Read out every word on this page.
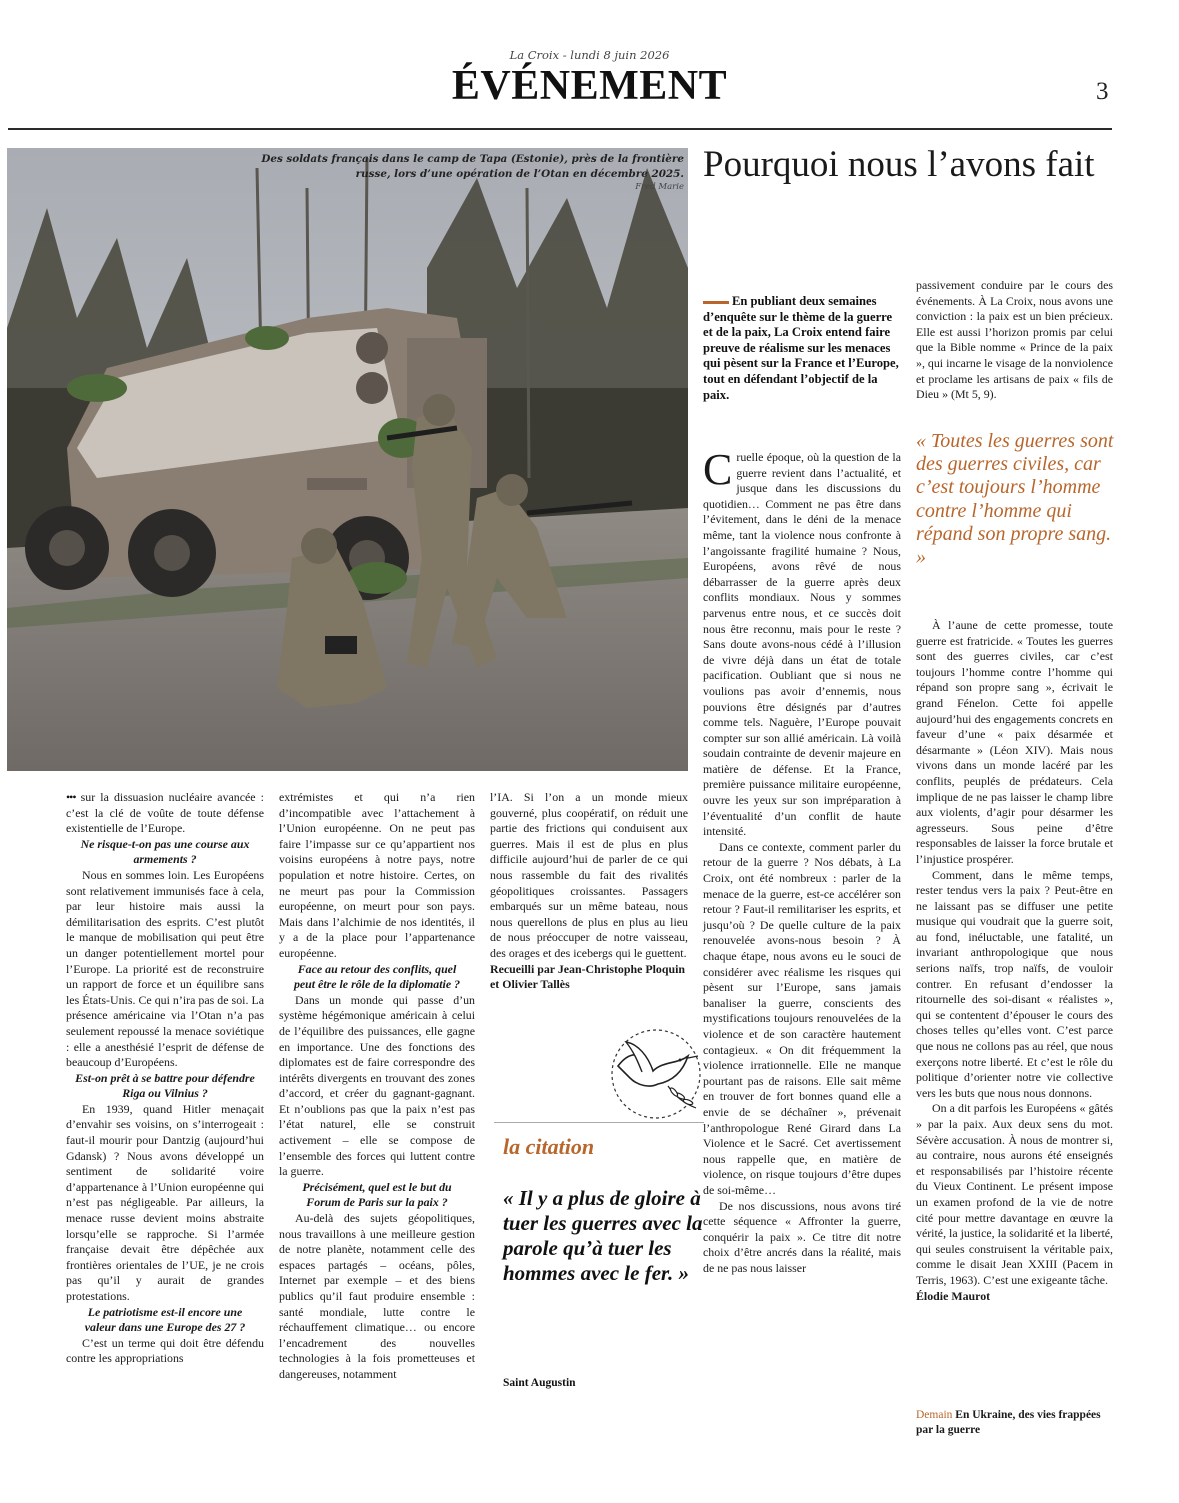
La Croix - lundi 8 juin 2026
ÉVÉNEMENT	3
Des soldats français dans le camp de Tapa (Estonie), près de la frontière russe, lors d’une opération de l’Otan en décembre 2025.
Fred Marie
Pourquoi nous l’avons fait
En publiant deux semaines d’enquête sur le thème de la guerre et de la paix, La Croix entend faire preuve de réalisme sur les menaces qui pèsent sur la France et l’Europe, tout en défendant l’objectif de la paix.

••• sur la dissuasion nucléaire avancée : c’est la clé de voûte de toute défense existentielle de l’Europe.

Ne risque-t-on pas une course aux armements ?

Nous en sommes loin. Les Européens sont relativement immunisés face à cela, par leur histoire mais aussi la démilitarisation des esprits. C’est plutôt le manque de mobilisation qui peut être un danger potentiellement mortel pour l’Europe. La priorité est de reconstruire un rapport de force et un équilibre sans les États-Unis. Ce qui n’ira pas de soi. La présence américaine via l’Otan n’a pas seulement repoussé la menace soviétique : elle a anesthésié l’esprit de défense de beaucoup d’Européens.

Est-on prêt à se battre pour défendre Riga ou Vilnius ?

En 1939, quand Hitler menaçait d’envahir ses voisins, on s’interrogeait : faut-il mourir pour Dantzig (aujourd’hui Gdansk) ? Nous avons développé un sentiment de solidarité voire d’appartenance à l’Union européenne qui n’est pas négligeable. Par ailleurs, la menace russe devient moins abstraite lorsqu’elle se rapproche. Si l’armée française devait être dépêchée aux frontières orientales de l’UE, je ne crois pas qu’il y aurait de grandes protestations.

Le patriotisme est-il encore une valeur dans une Europe des 27 ?

C’est un terme qui doit être défendu contre les appropriations

extrémistes et qui n’a rien d’incompatible avec l’attachement à l’Union européenne. On ne peut pas faire l’impasse sur ce qu’appartient nos voisins européens à notre pays, notre population et notre histoire. Certes, on ne meurt pas pour la Commission européenne, on meurt pour son pays. Mais dans l’alchimie de nos identités, il y a de la place pour l’appartenance européenne.

Face au retour des conflits, quel peut être le rôle de la diplomatie ?

Dans un monde qui passe d’un système hégémonique américain à celui de l’équilibre des puissances, elle gagne en importance. Une des fonctions des diplomates est de faire correspondre des intérêts divergents en trouvant des zones d’accord, et créer du gagnant-gagnant. Et n’oublions pas que la paix n’est pas l’état naturel, elle se construit activement – elle se compose de l’ensemble des forces qui luttent contre la guerre.

Précisément, quel est le but du Forum de Paris sur la paix ?

Au-delà des sujets géopolitiques, nous travaillons à une meilleure gestion de notre planète, notamment celle des espaces partagés – océans, pôles, Internet par exemple – et des biens publics qu’il faut produire ensemble : santé mondiale, lutte contre le réchauffement climatique… ou encore l’encadrement des nouvelles technologies à la fois prometteuses et dangereuses, notamment

l’IA. Si l’on a un monde mieux gouverné, plus coopératif, on réduit une partie des frictions qui conduisent aux guerres. Mais il est de plus en plus difficile aujourd’hui de parler de ce qui nous rassemble du fait des rivalités géopolitiques croissantes. Passagers embarqués sur un même bateau, nous nous querellons de plus en plus au lieu de nous préoccuper de notre vaisseau, des orages et des icebergs qui le guettent.

Recueilli par Jean-Christophe Ploquin et Olivier Tallès

la citation
« Il y a plus de gloire à tuer les guerres avec la parole qu’à tuer les hommes avec le fer. »
Saint Augustin

Cruelle époque, où la question de la guerre revient dans l’actualité, et jusque dans les discussions du quotidien… Comment ne pas être dans l’évitement, dans le déni de la menace même, tant la violence nous confronte à l’angoissante fragilité humaine ? Nous, Européens, avons rêvé de nous débarrasser de la guerre après deux conflits mondiaux. Nous y sommes parvenus entre nous, et ce succès doit nous être reconnu, mais pour le reste ? Sans doute avons-nous cédé à l’illusion de vivre déjà dans un état de totale pacification. Oubliant que si nous ne voulions pas avoir d’ennemis, nous pouvions être désignés par d’autres comme tels. Naguère, l’Europe pouvait compter sur son allié américain. Là voilà soudain contrainte de devenir majeure en matière de défense. Et la France, première puissance militaire européenne, ouvre les yeux sur son impréparation à l’éventualité d’un conflit de haute intensité.

Dans ce contexte, comment parler du retour de la guerre ? Nos débats, à La Croix, ont été nombreux : parler de la menace de la guerre, est-ce accélérer son retour ? Faut-il remilitariser les esprits, et jusqu’où ? De quelle culture de la paix renouvelée avons-nous besoin ? À chaque étape, nous avons eu le souci de considérer avec réalisme les risques qui pèsent sur l’Europe, sans jamais banaliser la guerre, conscients des mystifications toujours renouvelées de la violence et de son caractère hautement contagieux. « On dit fréquemment la violence irrationnelle. Elle ne manque pourtant pas de raisons. Elle sait même en trouver de fort bonnes quand elle a envie de se déchaîner », prévenait l’anthropologue René Girard dans La Violence et le Sacré. Cet avertissement nous rappelle que, en matière de violence, on risque toujours d’être dupes de soi-même…

De nos discussions, nous avons tiré cette séquence « Affronter la guerre, conquérir la paix ». Ce titre dit notre choix d’être ancrés dans la réalité, mais de ne pas nous laisser

passivement conduire par le cours des événements. À La Croix, nous avons une conviction : la paix est un bien précieux. Elle est aussi l’horizon promis par celui que la Bible nomme « Prince de la paix », qui incarne le visage de la nonviolence et proclame les artisans de paix « fils de Dieu » (Mt 5, 9).

« Toutes les guerres sont des guerres civiles, car c’est toujours l’homme contre l’homme qui répand son propre sang. »

À l’aune de cette promesse, toute guerre est fratricide. « Toutes les guerres sont des guerres civiles, car c’est toujours l’homme contre l’homme qui répand son propre sang », écrivait le grand Fénelon. Cette foi appelle aujourd’hui des engagements concrets en faveur d’une « paix désarmée et désarmante » (Léon XIV). Mais nous vivons dans un monde lacéré par les conflits, peuplés de prédateurs. Cela implique de ne pas laisser le champ libre aux violents, d’agir pour désarmer les agresseurs. Sous peine d’être responsables de laisser la force brutale et l’injustice prospérer.

Comment, dans le même temps, rester tendus vers la paix ? Peut-être en ne laissant pas se diffuser une petite musique qui voudrait que la guerre soit, au fond, inéluctable, une fatalité, un invariant anthropologique que nous serions naïfs, trop naïfs, de vouloir contrer. En refusant d’endosser la ritournelle des soi-disant « réalistes », qui se contentent d’épouser le cours des choses telles qu’elles vont. C’est parce que nous ne collons pas au réel, que nous exerçons notre liberté. Et c’est le rôle du politique d’orienter notre vie collective vers les buts que nous nous donnons.

On a dit parfois les Européens « gâtés » par la paix. Aux deux sens du mot. Sévère accusation. À nous de montrer si, au contraire, nous aurons été enseignés et responsabilisés par l’histoire récente du Vieux Continent. Le présent impose un examen profond de la vie de notre cité pour mettre davantage en œuvre la vérité, la justice, la solidarité et la liberté, qui seules construisent la véritable paix, comme le disait Jean XXIII (Pacem in Terris, 1963). C’est une exigeante tâche.

Élodie Maurot

Demain En Ukraine, des vies frappées par la guerre
